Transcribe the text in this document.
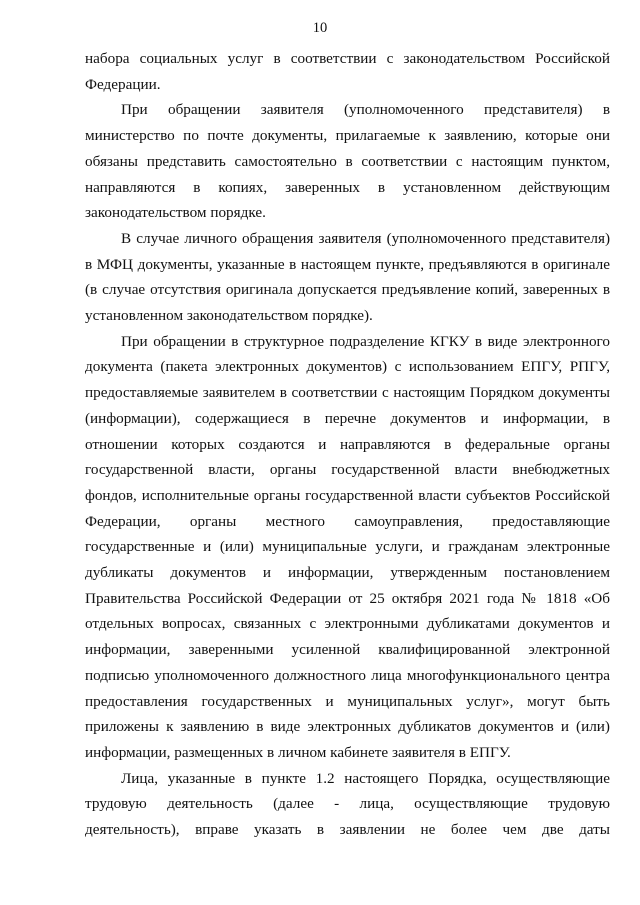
10

набора социальных услуг в соответствии с законодательством Российской
Федерации.

При обращении заявителя (уполномоченного представителя) в
министерство по почте документы, прилагаемые к заявлению, которые они
обязаны представить самостоятельно в соответствии с настоящим пунктом,
направляются в копиях, заверенных в установленном действующим
законодательством порядке.

В случае личного обращения заявителя (уполномоченного представителя)
в МФЦ документы, указанные в настоящем пункте, предъявляются в оригинале
(в случае отсутствия оригинала допускается предъявление копий, заверенных в
установленном законодательством порядке).

При обращении в структурное подразделение КГКУ в виде электронного
документа (пакета электронных документов) с использованием ЕПГУ, РПГУ,
предоставляемые заявителем в соответствии с настоящим Порядком документы
(информации), содержащиеся в перечне документов и информации, в
отношении которых создаются и направляются в федеральные органы
государственной власти, органы государственной власти внебюджетных
фондов, исполнительные органы государственной власти субъектов Российской
Федерации, органы местного самоуправления, предоставляющие
государственные и (или) муниципальные услуги, и гражданам электронные
дубликаты документов и информации, утвержденным постановлением
Правительства Российской Федерации от 25 октября 2021 года № 1818 «Об
отдельных вопросах, связанных с электронными дубликатами документов и
информации, заверенными усиленной квалифицированной электронной
подписью уполномоченного должностного лица многофункционального центра
предоставления государственных и муниципальных услуг», могут быть
приложены к заявлению в виде электронных дубликатов документов и (или)
информации, размещенных в личном кабинете заявителя в ЕПГУ.

Лица, указанные в пункте 1.2 настоящего Порядка, осуществляющие
трудовую деятельность (далее - лица, осуществляющие трудовую
деятельность), вправе указать в заявлении не более чем две даты
